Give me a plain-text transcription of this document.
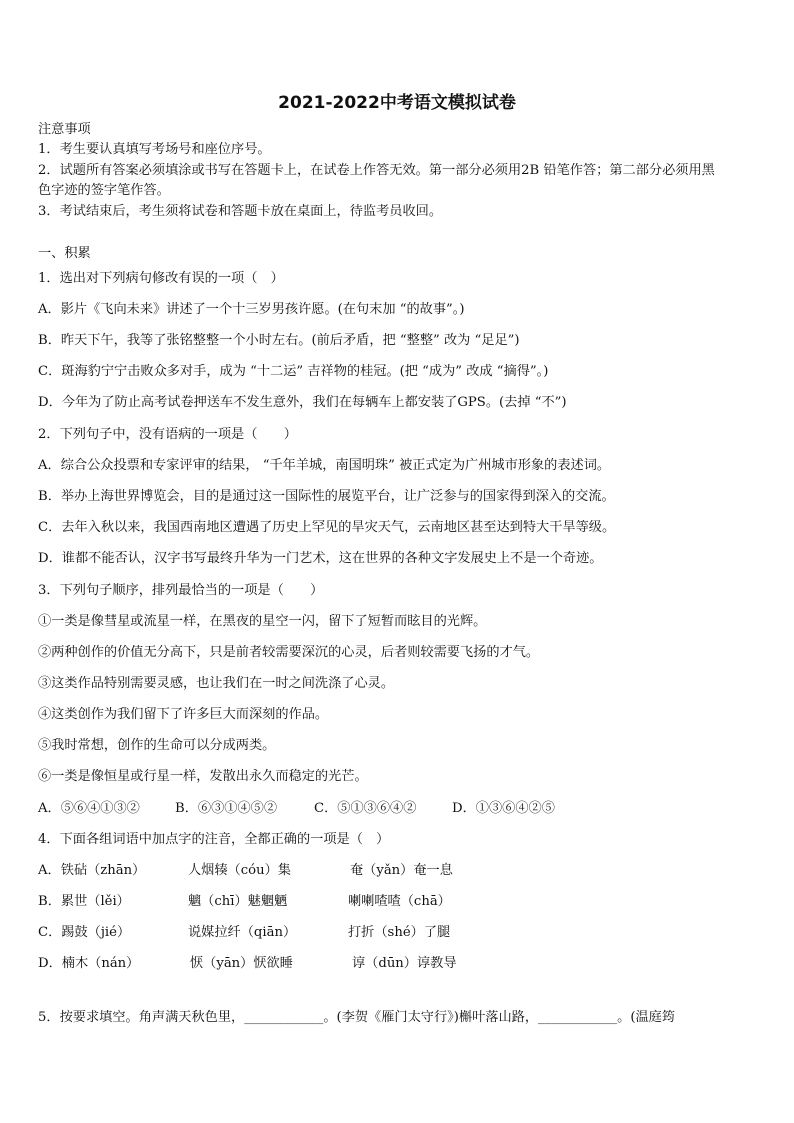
2021-2022中考语文模拟试卷
注意事项
1．考生要认真填写考场号和座位序号。
2．试题所有答案必须填涂或书写在答题卡上，在试卷上作答无效。第一部分必须用2B 铅笔作答；第二部分必须用黑
色字迹的签字笔作答。
3．考试结束后，考生须将试卷和答题卡放在桌面上，待监考员收回。
一、积累
1．选出对下列病句修改有误的一项（　）
A．影片《飞向未来》讲述了一个十三岁男孩许愿。(在句末加 “的故事”。)
B．昨天下午，我等了张铭整整一个小时左右。(前后矛盾，把 “整整” 改为 “足足”)
C．斑海豹宁宁击败众多对手，成为 “十二运” 吉祥物的桂冠。(把 “成为” 改成 “摘得”。)
D．今年为了防止高考试卷押送车不发生意外，我们在每辆车上都安装了GPS。(去掉 “不”)
2．下列句子中，没有语病的一项是（　　）
A．综合公众投票和专家评审的结果， “千年羊城，南国明珠” 被正式定为广州城市形象的表述词。
B．举办上海世界博览会，目的是通过这一国际性的展览平台，让广泛参与的国家得到深入的交流。
C．去年入秋以来，我国西南地区遭遇了历史上罕见的旱灾天气，云南地区甚至达到特大干旱等级。
D．谁都不能否认，汉字书写最终升华为一门艺术，这在世界的各种文字发展史上不是一个奇迹。
3．下列句子顺序，排列最恰当的一项是（　　）
①一类是像彗星或流星一样，在黑夜的星空一闪，留下了短暂而眩目的光辉。
②两种创作的价值无分高下，只是前者较需要深沉的心灵，后者则较需要飞扬的才气。
③这类作品特别需要灵感，也让我们在一时之间洗涤了心灵。
④这类创作为我们留下了许多巨大而深刻的作品。
⑤我时常想，创作的生命可以分成两类。
⑥一类是像恒星或行星一样，发散出永久而稳定的光芒。
A．⑤⑥④①③②	B．⑥③①④⑤②	C．⑤①③⑥④②	D．①③⑥④②⑤
4．下面各组词语中加点字的注音，全都正确的一项是（　）
A．铁砧（zhān）	人烟辏（cóu）集	奄（yǎn）奄一息
B．累世（lěi）	魑（chī）魅魍魉	喇喇喳喳（chā）
C．踢鼓（jié）	说媒拉纤（qiān）	打折（shé）了腿
D．楠木（nán）	恹（yān）恹欲睡	谆（dūn）谆教导
5．按要求填空。角声满天秋色里，____________。(李贺《雁门太守行》)槲叶落山路，____________。(温庭筠
